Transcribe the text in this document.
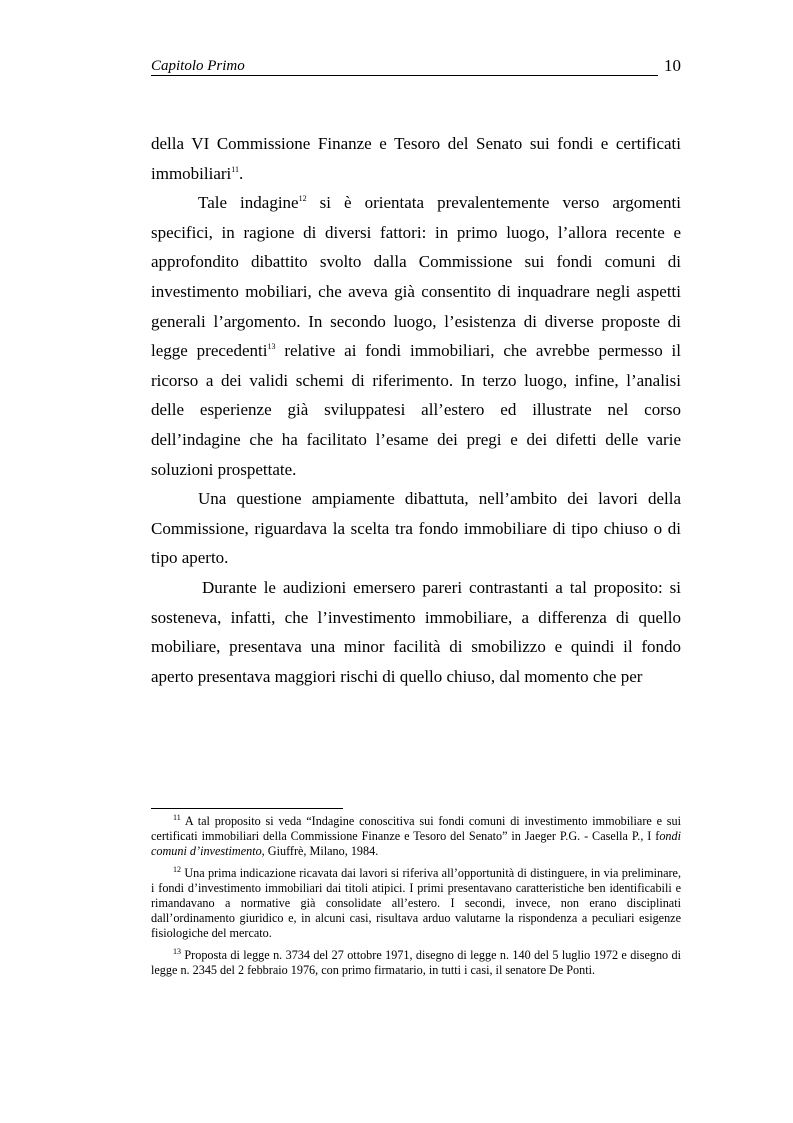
Capitolo Primo	10

della VI Commissione Finanze e Tesoro del Senato sui fondi e certificati immobiliari$^{11}$.

Tale indagine$^{12}$ si è orientata prevalentemente verso argomenti specifici, in ragione di diversi fattori: in primo luogo, l’allora recente e approfondito dibattito svolto dalla Commissione sui fondi comuni di investimento mobiliari, che aveva già consentito di inquadrare negli aspetti generali l’argomento. In secondo luogo, l’esistenza di diverse proposte di legge precedenti$^{13}$ relative ai fondi immobiliari, che avrebbe permesso il ricorso a dei validi schemi di riferimento. In terzo luogo, infine, l’analisi delle esperienze già sviluppatesi all’estero ed illustrate nel corso dell’indagine che ha facilitato l’esame dei pregi e dei difetti delle varie soluzioni prospettate.

Una questione ampiamente dibattuta, nell’ambito dei lavori della Commissione, riguardava la scelta tra fondo immobiliare di tipo chiuso o di tipo aperto.

Durante le audizioni emersero pareri contrastanti a tal proposito: si sosteneva, infatti, che l’investimento immobiliare, a differenza di quello mobiliare, presentava una minor facilità di smobilizzo e quindi il fondo aperto presentava maggiori rischi di quello chiuso, dal momento che per

$^{11}$ A tal proposito si veda “Indagine conoscitiva sui fondi comuni di investimento immobiliare e sui certificati immobiliari della Commissione Finanze e Tesoro del Senato” in Jaeger P.G. - Casella P., I fondi comuni d’investimento, Giuffrè, Milano, 1984.

$^{12}$ Una prima indicazione ricavata dai lavori si riferiva all’opportunità di distinguere, in via preliminare, i fondi d’investimento immobiliari dai titoli atipici. I primi presentavano caratteristiche ben identificabili e rimandavano a normative già consolidate all’estero. I secondi, invece, non erano disciplinati dall’ordinamento giuridico e, in alcuni casi, risultava arduo valutarne la rispondenza a peculiari esigenze fisiologiche del mercato.

$^{13}$ Proposta di legge n. 3734 del 27 ottobre 1971, disegno di legge n. 140 del 5 luglio 1972 e disegno di legge n. 2345 del 2 febbraio 1976, con primo firmatario, in tutti i casi, il senatore De Ponti.
